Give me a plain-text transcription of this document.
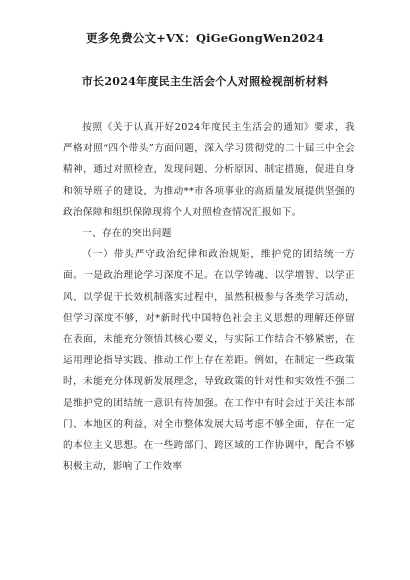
更多免费公文+VX：QiGeGongWen2024
市长2024年度民主生活会个人对照检视剖析材料

按照《关于认真开好2024年度民主生活会的通知》要求，我严格对照“四个带头”方面问题，深入学习贯彻党的二十届三中全会精神，通过对照检查，发现问题、分析原因、制定措施，促进自身和领导班子的建设，为推动**市各项事业的高质量发展提供坚强的政治保障和组织保障现将个人对照检查情况汇报如下。

一、存在的突出问题

（一）带头严守政治纪律和政治规矩，维护党的团结统一方面。一是政治理论学习深度不足。在以学铸魂、以学增智、以学正风、以学促干长效机制落实过程中，虽然积极参与各类学习活动，但学习深度不够，对*新时代中国特色社会主义思想的理解还停留在表面，未能充分领悟其核心要义，与实际工作结合不够紧密，在运用理论指导实践、推动工作上存在差距。例如，在制定一些政策时，未能充分体现新发展理念，导致政策的针对性和实效性不强二是维护党的团结统一意识有待加强。在工作中有时会过于关注本部门、本地区的利益，对全市整体发展大局考虑不够全面，存在一定的本位主义思想。在一些跨部门、跨区域的工作协调中，配合不够积极主动，影响了工作效率
